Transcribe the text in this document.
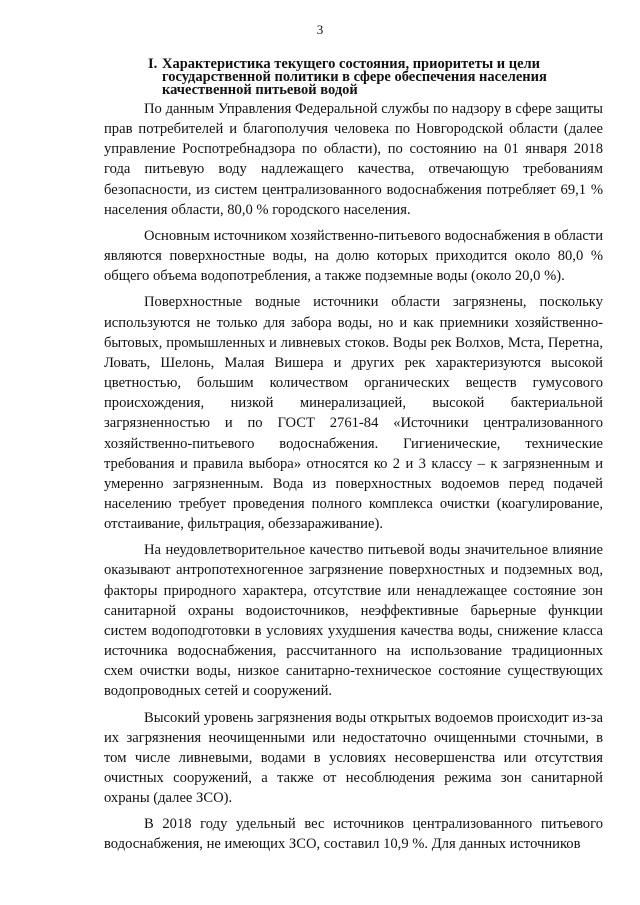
3
I. Характеристика текущего состояния, приоритеты и цели
государственной политики в сфере обеспечения населения
качественной питьевой водой

По данным Управления Федеральной службы по надзору в сфере защиты прав потребителей и благополучия человека по Новгородской области (далее управление Роспотребнадзора по области), по состоянию на 01 января 2018 года питьевую воду надлежащего качества, отвечающую требованиям безопасности, из систем централизованного водоснабжения потребляет 69,1 % населения области, 80,0 % городского населения.

Основным источником хозяйственно-питьевого водоснабжения в области являются поверхностные воды, на долю которых приходится около 80,0 % общего объема водопотребления, а также подземные воды (около 20,0 %).

Поверхностные водные источники области загрязнены, поскольку используются не только для забора воды, но и как приемники хозяйственно-бытовых, промышленных и ливневых стоков. Воды рек Волхов, Мста, Перетна, Ловать, Шелонь, Малая Вишера и других рек характеризуются высокой цветностью, большим количеством органических веществ гумусового происхождения, низкой минерализацией, высокой бактериальной загрязненностью и по ГОСТ 2761-84 «Источники централизованного хозяйственно-питьевого водоснабжения. Гигиенические, технические требования и правила выбора» относятся ко 2 и 3 классу – к загрязненным и умеренно загрязненным. Вода из поверхностных водоемов перед подачей населению требует проведения полного комплекса очистки (коагулирование, отстаивание, фильтрация, обеззараживание).

На неудовлетворительное качество питьевой воды значительное влияние оказывают антропотехногенное загрязнение поверхностных и подземных вод, факторы природного характера, отсутствие или ненадлежащее состояние зон санитарной охраны водоисточников, неэффективные барьерные функции систем водоподготовки в условиях ухудшения качества воды, снижение класса источника водоснабжения, рассчитанного на использование традиционных схем очистки воды, низкое санитарно-техническое состояние существующих водопроводных сетей и сооружений.

Высокий уровень загрязнения воды открытых водоемов происходит из-за их загрязнения неочищенными или недостаточно очищенными сточными, в том числе ливневыми, водами в условиях несовершенства или отсутствия очистных сооружений, а также от несоблюдения режима зон санитарной охраны (далее ЗСО).

В 2018 году удельный вес источников централизованного питьевого водоснабжения, не имеющих ЗСО, составил 10,9 %. Для данных источников
